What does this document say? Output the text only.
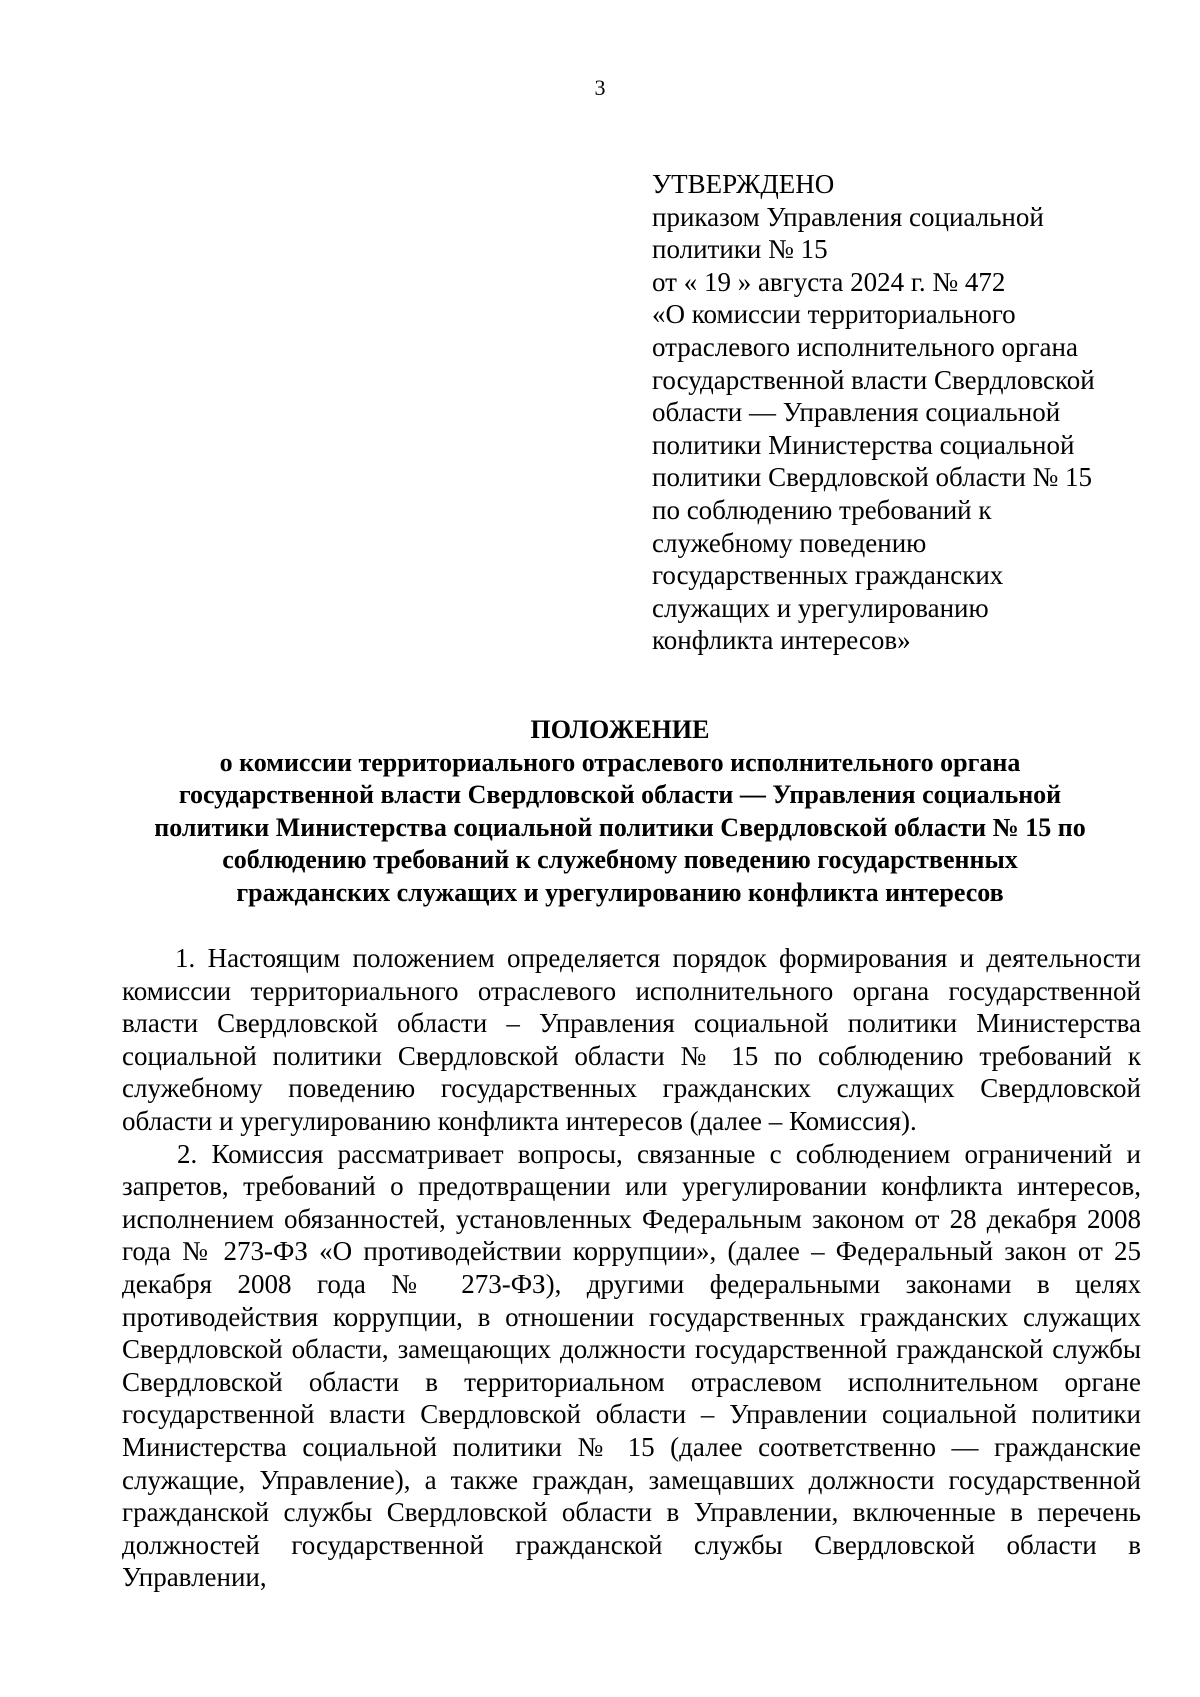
3
УТВЕРЖДЕНО
приказом Управления социальной
политики № 15
от « 19 » августа 2024 г. № 472
«О комиссии территориального
отраслевого исполнительного органа
государственной власти Свердловской
области — Управления социальной
политики Министерства социальной
политики Свердловской области № 15
по соблюдению требований к
служебному поведению
государственных гражданских
служащих и урегулированию
конфликта интересов»
ПОЛОЖЕНИЕ
о комиссии территориального отраслевого исполнительного органа
государственной власти Свердловской области — Управления социальной
политики Министерства социальной политики Свердловской области № 15 по
соблюдению требований к служебному поведению государственных
гражданских служащих и урегулированию конфликта интересов

1. Настоящим положением определяется порядок формирования и деятельности комиссии территориального отраслевого исполнительного органа государственной власти Свердловской области – Управления социальной политики Министерства социальной политики Свердловской области № 15 по соблюдению требований к служебному поведению государственных гражданских служащих Свердловской области и урегулированию конфликта интересов (далее – Комиссия).

2. Комиссия рассматривает вопросы, связанные с соблюдением ограничений и запретов, требований о предотвращении или урегулировании конфликта интересов, исполнением обязанностей, установленных Федеральным законом от 28 декабря 2008 года № 273-ФЗ «О противодействии коррупции», (далее – Федеральный закон от 25 декабря 2008 года № 273-ФЗ), другими федеральными законами в целях противодействия коррупции, в отношении государственных гражданских служащих Свердловской области, замещающих должности государственной гражданской службы Свердловской области в территориальном отраслевом исполнительном органе государственной власти Свердловской области – Управлении социальной политики Министерства социальной политики № 15 (далее соответственно — гражданские служащие, Управление), а также граждан, замещавших должности государственной гражданской службы Свердловской области в Управлении, включенные в перечень должностей государственной гражданской службы Свердловской области в Управлении,
